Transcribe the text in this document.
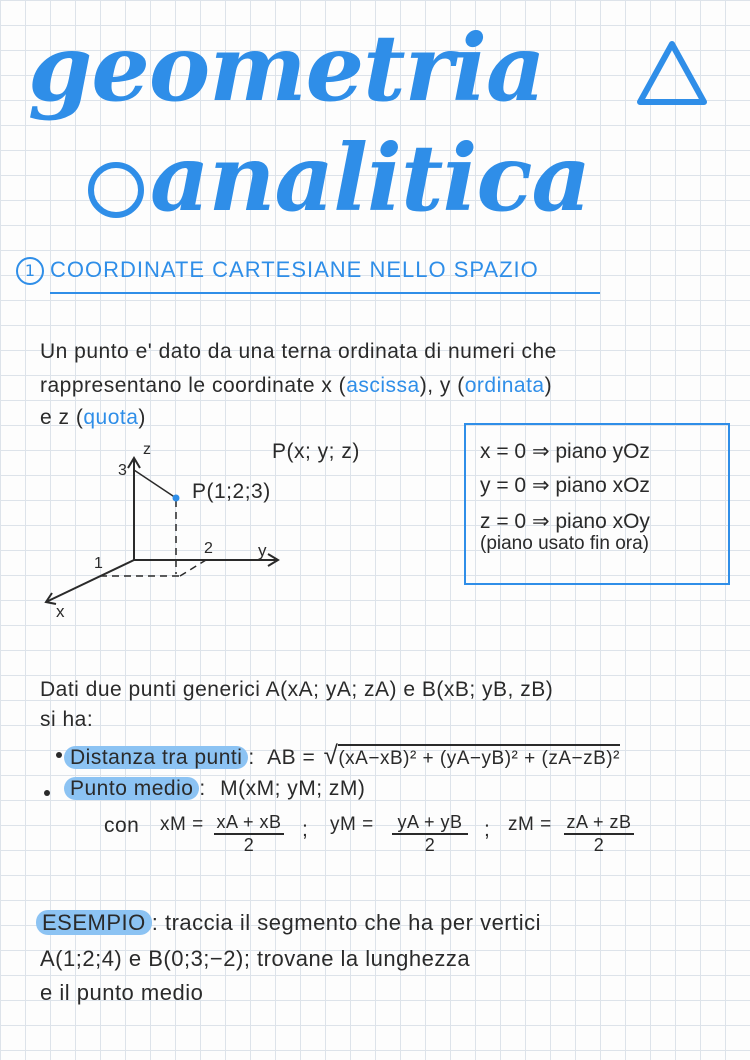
geometria
analitica
1 COORDINATE CARTESIANE NELLO SPAZIO
Un punto e' dato da una terna ordinata di numeri che
rappresentano le coordinate x (ascissa), y (ordinata)
e z (quota)
z
3
P(1;2;3)
2	y
1
x
P(x; y; z)	x = 0 ⇒ piano yOz
y = 0 ⇒ piano xOz
z = 0 ⇒ piano xOy
(piano usato fin ora)
Dati due punti generici A(xA; yA; zA) e B(xB; yB, zB)
si ha:
Distanza tra punti : AB = √(xA−xB)² + (yA−yB)² + (zA−zB)²
Punto medio : M(xM; yM; zM)
con xM = $\frac{xA + xB}{2}$ ; yM = $\frac{yA + yB}{2}$ ; zM = $\frac{zA + zB}{2}$
ESEMPIO : traccia il segmento che ha per vertici
A(1;2;4) e B(0;3;−2); trovane la lunghezza
e il punto medio
